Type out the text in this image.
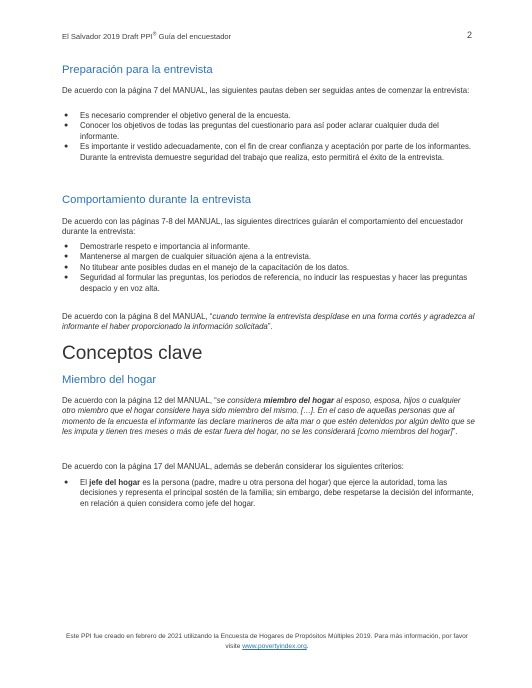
El Salvador 2019 Draft PPI® Guía del encuestador	2
Preparación para la entrevista
De acuerdo con la página 7 del MANUAL, las siguientes pautas deben ser seguidas antes de comenzar la entrevista:
● Es necesario comprender el objetivo general de la encuesta.
● Conocer los objetivos de todas las preguntas del cuestionario para así poder aclarar cualquier duda del informante.
● Es importante ir vestido adecuadamente, con el fin de crear confianza y aceptación por parte de los informantes. Durante la entrevista demuestre seguridad del trabajo que realiza, esto permitirá el éxito de la entrevista.
Comportamiento durante la entrevista
De acuerdo con las páginas 7-8 del MANUAL, las siguientes directrices guiarán el comportamiento del encuestador durante la entrevista:
● Demostrarle respeto e importancia al informante.
● Mantenerse al margen de cualquier situación ajena a la entrevista.
● No titubear ante posibles dudas en el manejo de la capacitación de los datos.
● Seguridad al formular las preguntas, los periodos de referencia, no inducir las respuestas y hacer las preguntas despacio y en voz alta.
De acuerdo con la página 8 del MANUAL, “cuando termine la entrevista despídase en una forma cortés y agradezca al informante el haber proporcionado la información solicitada”.
Conceptos clave
Miembro del hogar
De acuerdo con la página 12 del MANUAL, “se considera miembro del hogar al esposo, esposa, hijos o cualquier otro miembro que el hogar considere haya sido miembro del mismo. […]. En el caso de aquellas personas que al momento de la encuesta el informante las declare marineros de alta mar o que estén detenidos por algún delito que se les imputa y tienen tres meses o más de estar fuera del hogar, no se les considerará [como miembros del hogar]”.
De acuerdo con la página 17 del MANUAL, además se deberán considerar los siguientes criterios:
● El jefe del hogar es la persona (padre, madre u otra persona del hogar) que ejerce la autoridad, toma las decisiones y representa el principal sostén de la familia; sin embargo, debe respetarse la decisión del informante, en relación a quien considera como jefe del hogar.
Este PPI fue creado en febrero de 2021 utilizando la Encuesta de Hogares de Propósitos Múltiples 2019. Para más información, por favor visite www.povertyindex.org.
